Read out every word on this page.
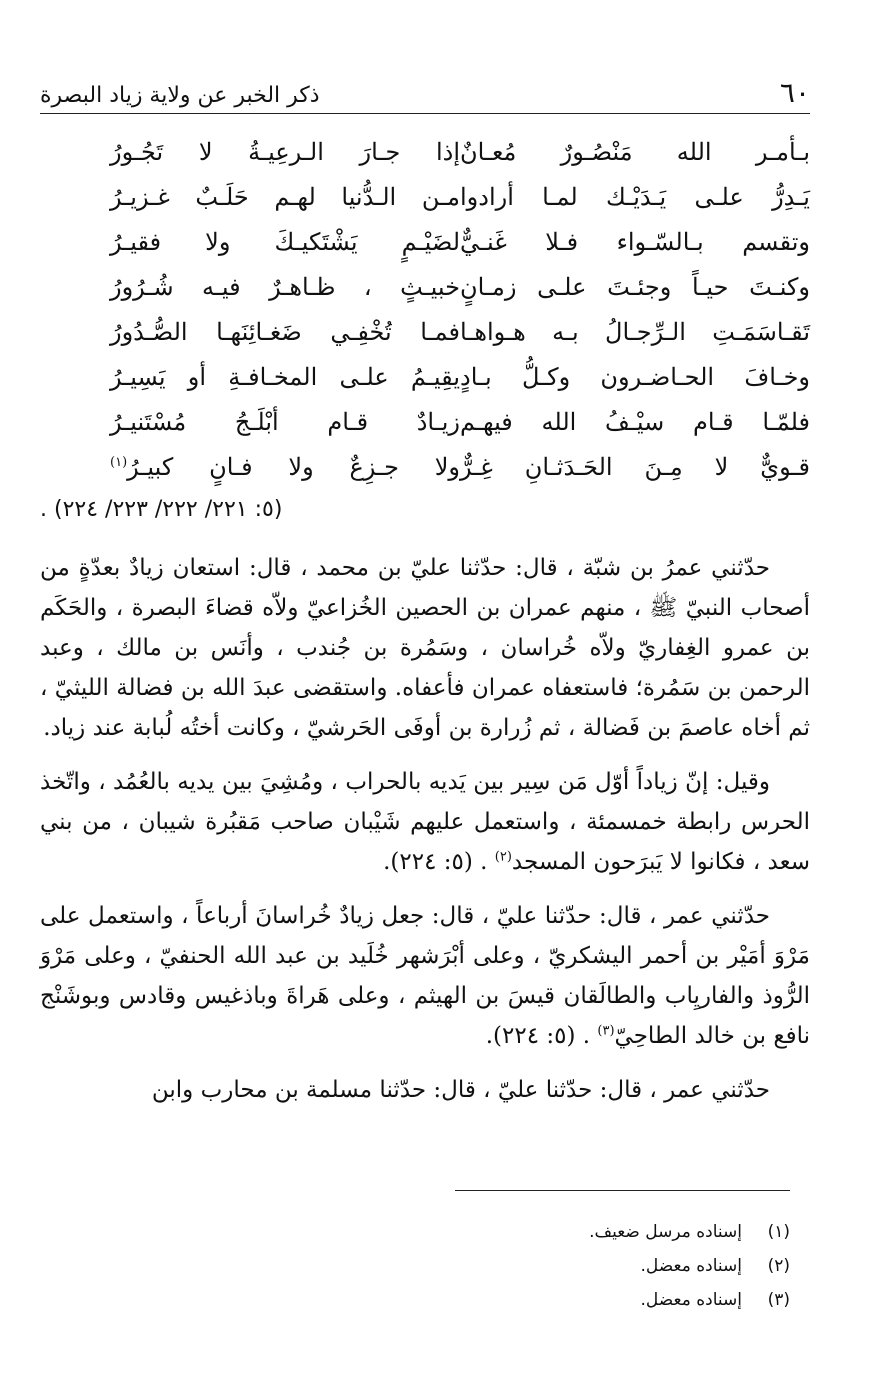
٦٠
ذكر الخبر عن ولاية زياد البصرة
بـأمـر الله مَنْصُـورٌ مُعـانٌ
إذا جـارَ الـرعِيـةُ لا تَجُـورُ
يَـدِرُّ علـى يَـدَيْـك لمـا أرادوا
مـن الـدُّنيا لهـم حَلَـبٌ غـزيـرُ
وتقسم بـالسّـواء فـلا غَنـيٌّ
لضَيْـمٍ يَشْتَكيـكَ ولا فقيـرُ
وكنـتَ حيـاً وجئـتَ علـى زمـانٍ
خبيـثٍ ، ظـاهـرٌ فيـه شُـرُورُ
تَقـاسَمَـتِ الـرِّجـالُ بـه هـواهـا
فمـا تُخْفِـي ضَغـائِنَهـا الصُّـدُورُ
وخـافَ الحـاضـرون وكـلُّ بـادٍ
يقِيـمُ علـى المخـافـةِ أو يَسِيـرُ
فلمّـا قـام سيْـفُ الله فيهـم
زيـادٌ قـام أبْلَـجُ مُسْتَنيـرُ
قـويٌّ لا مِـنَ الحَـدَثـانِ غِـرٌّ
ولا جـزِعٌ ولا فـانٍ كبيـرُ$^{(١)}$
(٥: ٢٢١/ ٢٢٢/ ٢٢٣/ ٢٢٤) .

حدّثني عمرُ بن شبّة ، قال: حدّثنا عليّ بن محمد ، قال: استعان زيادٌ بعدّةٍ من أصحاب النبيّ ﷺ ، منهم عمران بن الحصين الخُزاعيّ ولاّه قضاءَ البصرة ، والحَكَم بن عمرو الغِفاريّ ولاّه خُراسان ، وسَمُرة بن جُندب ، وأنَس بن مالك ، وعبد الرحمن بن سَمُرة؛ فاستعفاه عمران فأعفاه. واستقضى عبدَ الله بن فضالة الليثيّ ، ثم أخاه عاصمَ بن فَضالة ، ثم زُرارة بن أوفَى الحَرشيّ ، وكانت أختُه لُبابة عند زياد.

وقيل: إنّ زياداً أوّل مَن سِير بين يَديه بالحراب ، ومُشِيَ بين يديه بالعُمُد ، واتّخذ الحرس رابطة خمسمئة ، واستعمل عليهم شَيْبان صاحب مَقبُرة شيبان ، من بني سعد ، فكانوا لا يَبرَحون المسجد$^{(٢)}$ . (٥: ٢٢٤).

حدّثني عمر ، قال: حدّثنا عليّ ، قال: جعل زيادٌ خُراسانَ أرباعاً ، واستعمل على مَرْوَ أمَيْر بن أحمر اليشكريّ ، وعلى أبْرَشهر خُلَيد بن عبد الله الحنفيّ ، وعلى مَرْوَ الرُّوذ والفاريِاب والطالَقان قيسَ بن الهيثم ، وعلى هَراةَ وباذغيس وقادس وبوشَنْج نافع بن خالد الطاحِيّ$^{(٣)}$ . (٥: ٢٢٤).

حدّثني عمر ، قال: حدّثنا عليّ ، قال: حدّثنا مسلمة بن محارب وابن

(١)
إسناده مرسل ضعيف.
(٢)
إسناده معضل.
(٣)
إسناده معضل.
